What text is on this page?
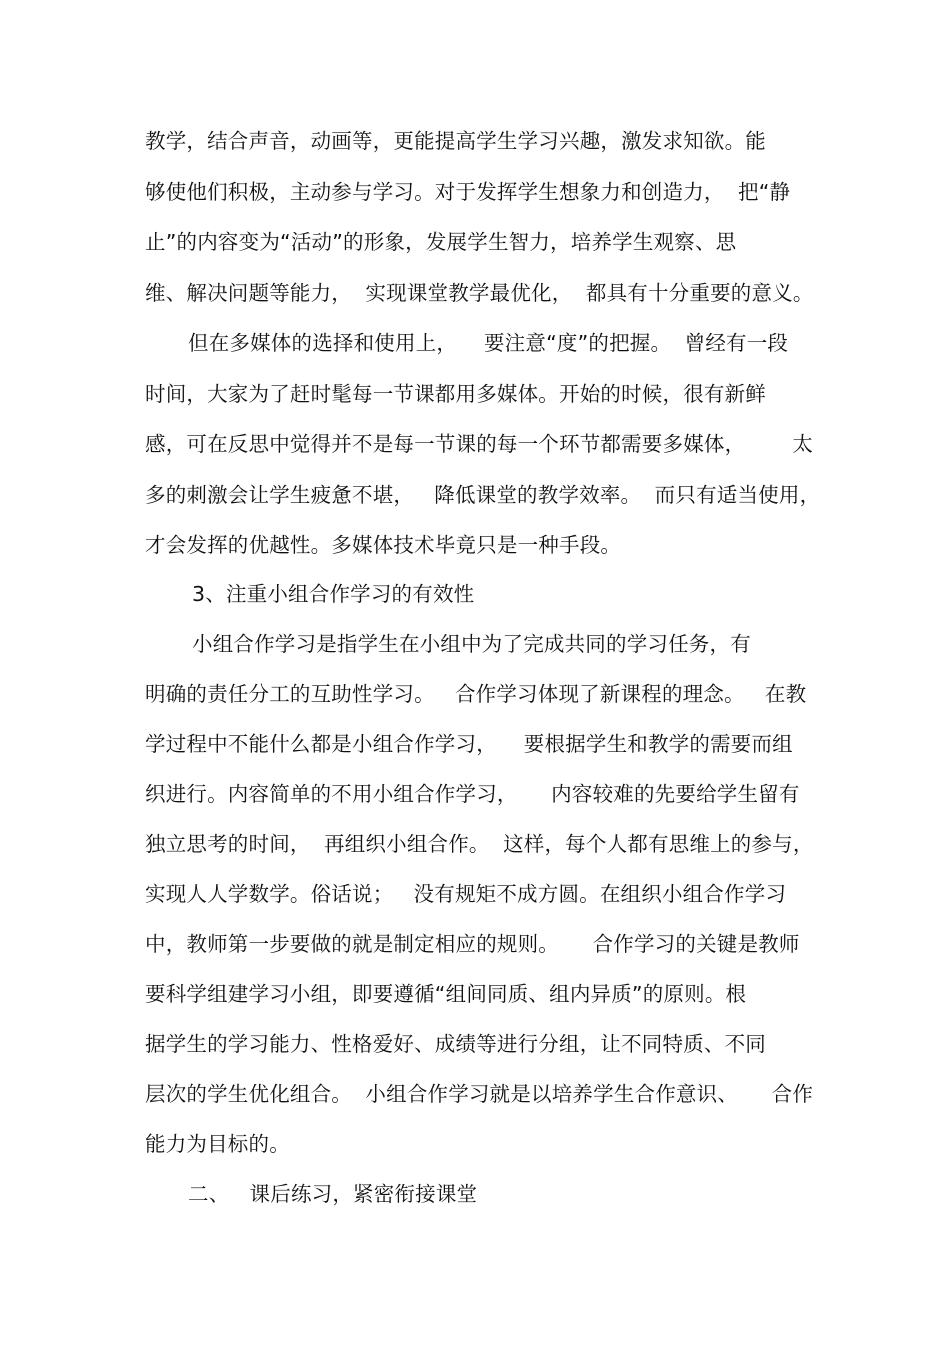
教学，结合声音，动画等，更能提高学生学习兴趣，激发求知欲。能
够使他们积极，主动参与学习。对于发挥学生想象力和创造力，  把“静
止”的内容变为“活动”的形象，发展学生智力，培养学生观察、思
维、解决问题等能力，  实现课堂教学最优化，  都具有十分重要的意义。
但在多媒体的选择和使用上，    要注意“度”的把握。  曾经有一段
时间，大家为了赶时髦每一节课都用多媒体。开始的时候，很有新鲜
感，可在反思中觉得并不是每一节课的每一个环节都需要多媒体，       太
多的刺激会让学生疲惫不堪，   降低课堂的教学效率。  而只有适当使用，
才会发挥的优越性。多媒体技术毕竟只是一种手段。
3、注重小组合作学习的有效性
小组合作学习是指学生在小组中为了完成共同的学习任务，有
明确的责任分工的互助性学习。   合作学习体现了新课程的理念。   在教
学过程中不能什么都是小组合作学习，    要根据学生和教学的需要而组
织进行。内容简单的不用小组合作学习，     内容较难的先要给学生留有
独立思考的时间，  再组织小组合作。  这样，每个人都有思维上的参与，
实现人人学数学。俗话说；   没有规矩不成方圆。在组织小组合作学习
中，教师第一步要做的就是制定相应的规则。     合作学习的关键是教师
要科学组建学习小组，即要遵循“组间同质、组内异质”的原则。根
据学生的学习能力、性格爱好、成绩等进行分组，让不同特质、不同
层次的学生优化组合。  小组合作学习就是以培养学生合作意识、     合作
能力为目标的。
二、   课后练习，紧密衔接课堂
